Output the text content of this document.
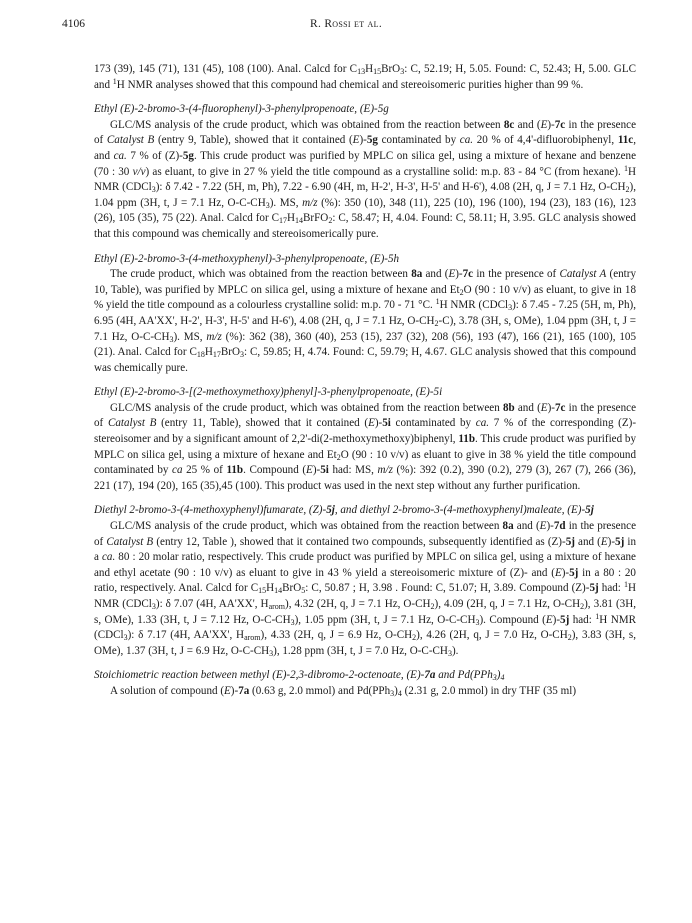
4106	R. Rossi et al.

173 (39), 145 (71), 131 (45), 108 (100). Anal. Calcd for $C_{13}H_{15}BrO_3$: C, 52.19; H, 5.05. Found: C, 52.43; H, 5.00. GLC and $^1$H NMR analyses showed that this compound had chemical and stereoisomeric purities higher than 99 %.

Ethyl (E)-2-bromo-3-(4-fluorophenyl)-3-phenylpropenoate, (E)-5g

GLC/MS analysis of the crude product, which was obtained from the reaction between 8c and (E)-7c in the presence of Catalyst B (entry 9, Table), showed that it contained (E)-5g contaminated by ca. 20 % of 4,4'-difluorobiphenyl, 11c, and ca. 7 % of (Z)-5g. This crude product was purified by MPLC on silica gel, using a mixture of hexane and benzene (70 : 30 v/v) as eluant, to give in 27 % yield the title compound as a crystalline solid: m.p. 83 - 84 °C (from hexane). $^1$H NMR (CDCl$_3$): δ 7.42 - 7.22 (5H, m, Ph), 7.22 - 6.90 (4H, m, H-2', H-3', H-5' and H-6'), 4.08 (2H, q, J = 7.1 Hz, $O-CH_2$), 1.04 ppm (3H, t, J = 7.1 Hz, $O-C-CH_3$). MS, m/z (%): 350 (10), 348 (11), 225 (10), 196 (100), 194 (23), 183 (16), 123 (26), 105 (35), 75 (22). Anal. Calcd for $C_{17}H_{14}BrFO_2$: C, 58.47; H, 4.04. Found: C, 58.11; H, 3.95. GLC analysis showed that this compound was chemically and stereoisomerically pure.

Ethyl (E)-2-bromo-3-(4-methoxyphenyl)-3-phenylpropenoate, (E)-5h

The crude product, which was obtained from the reaction between 8a and (E)-7c in the presence of Catalyst A (entry 10, Table), was purified by MPLC on silica gel, using a mixture of hexane and $Et_2O$ (90 : 10 v/v) as eluant, to give in 18 % yield the title compound as a colourless crystalline solid: m.p. 70 - 71 °C. $^1$H NMR (CDCl$_3$): δ 7.45 - 7.25 (5H, m, Ph), 6.95 (4H, AA'XX', H-2', H-3', H-5' and H-6'), 4.08 (2H, q, J = 7.1 Hz, $O-CH_2-C$), 3.78 (3H, s, OMe), 1.04 ppm (3H, t, J = 7.1 Hz, $O-C-CH_3$). MS, m/z (%): 362 (38), 360 (40), 253 (15), 237 (32), 208 (56), 193 (47), 166 (21), 165 (100), 105 (21). Anal. Calcd for $C_{18}H_{17}BrO_3$: C, 59.85; H, 4.74. Found: C, 59.79; H, 4.67. GLC analysis showed that this compound was chemically pure.

Ethyl (E)-2-bromo-3-[(2-methoxymethoxy)phenyl]-3-phenylpropenoate, (E)-5i

GLC/MS analysis of the crude product, which was obtained from the reaction between 8b and (E)-7c in the presence of Catalyst B (entry 11, Table), showed that it contained (E)-5i contaminated by ca. 7 % of the corresponding (Z)-stereoisomer and by a significant amount of 2,2'-di(2-methoxymethoxy)biphenyl, 11b. This crude product was purified by MPLC on silica gel, using a mixture of hexane and $Et_2O$ (90 : 10 v/v) as eluant to give in 38 % yield the title compound contaminated by ca 25 % of 11b. Compound (E)-5i had: MS, m/z (%): 392 (0.2), 390 (0.2), 279 (3), 267 (7), 266 (36), 221 (17), 194 (20), 165 (35),45 (100). This product was used in the next step without any further purification.

Diethyl 2-bromo-3-(4-methoxyphenyl)fumarate, (Z)-5j, and diethyl 2-bromo-3-(4-methoxyphenyl)maleate, (E)-5j

GLC/MS analysis of the crude product, which was obtained from the reaction between 8a and (E)-7d in the presence of Catalyst B (entry 12, Table ), showed that it contained two compounds, subsequently identified as (Z)-5j and (E)-5j in a ca. 80 : 20 molar ratio, respectively. This crude product was purified by MPLC on silica gel, using a mixture of hexane and ethyl acetate (90 : 10 v/v) as eluant to give in 43 % yield a stereoisomeric mixture of (Z)- and (E)-5j in a 80 : 20 ratio, respectively. Anal. Calcd for $C_{15}H_{14}BrO_5$: C, 50.87 ; H, 3.98 . Found: C, 51.07; H, 3.89. Compound (Z)-5j had: $^1$H NMR (CDCl$_3$): δ 7.07 (4H, AA'XX', $H_{arom}$), 4.32 (2H, q, J = 7.1 Hz, $O-CH_2$), 4.09 (2H, q, J = 7.1 Hz, $O-CH_2$), 3.81 (3H, s, OMe), 1.33 (3H, t, J = 7.12 Hz, $O-C-CH_3$), 1.05 ppm (3H, t, J = 7.1 Hz, $O-C-CH_3$). Compound (E)-5j had: $^1$H NMR (CDCl$_3$): δ 7.17 (4H, AA'XX', $H_{arom}$), 4.33 (2H, q, J = 6.9 Hz, $O-CH_2$), 4.26 (2H, q, J = 7.0 Hz, $O-CH_2$), 3.83 (3H, s, OMe), 1.37 (3H, t, J = 6.9 Hz, $O-C-CH_3$), 1.28 ppm (3H, t, J = 7.0 Hz, $O-C-CH_3$).

Stoichiometric reaction between methyl (E)-2,3-dibromo-2-octenoate, (E)-7a and $Pd(PPh_3)_4$

A solution of compound (E)-7a (0.63 g, 2.0 mmol) and $Pd(PPh_3)_4$ (2.31 g, 2.0 mmol) in dry THF (35 ml)
